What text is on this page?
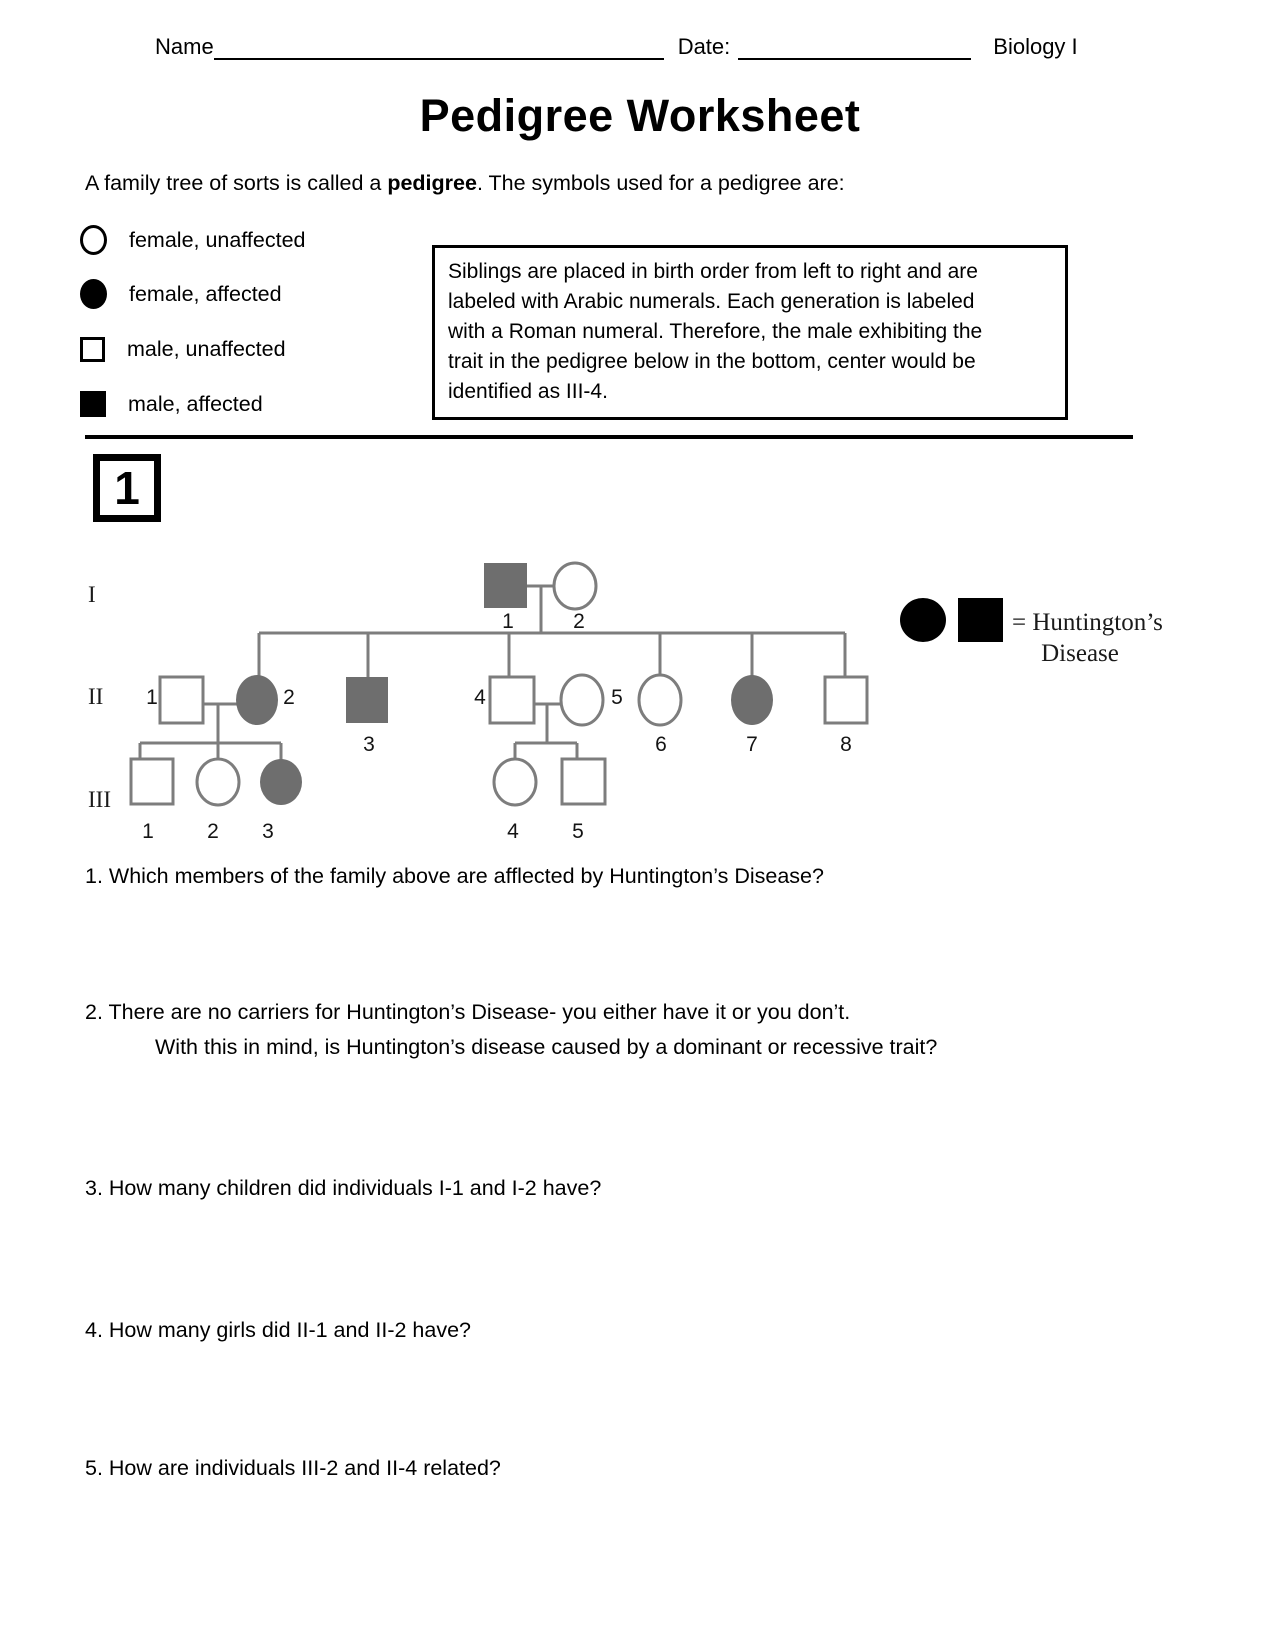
Name	Date:	Biology I
Pedigree Worksheet
A family tree of sorts is called a pedigree. The symbols used for a pedigree are:
female, unaffected
female, affected
male, unaffected
male, affected
Siblings are placed in birth order from left to right and are
labeled with Arabic numerals. Each generation is labeled
with a Roman numeral. Therefore, the male exhibiting the
trait in the pedigree below in the bottom, center would be
identified as III-4.
1
I
II
III
1	2
1	2
3
4	5
6	7	8
1	2 3	4	5
= Huntington’s
Disease
1. Which members of the family above are afflected by Huntington’s Disease?
2. There are no carriers for Huntington’s Disease- you either have it or you don’t.
With this in mind, is Huntington’s disease caused by a dominant or recessive trait?
3. How many children did individuals I-1 and I-2 have?
4. How many girls did II-1 and II-2 have?
5. How are individuals III-2 and II-4 related?
